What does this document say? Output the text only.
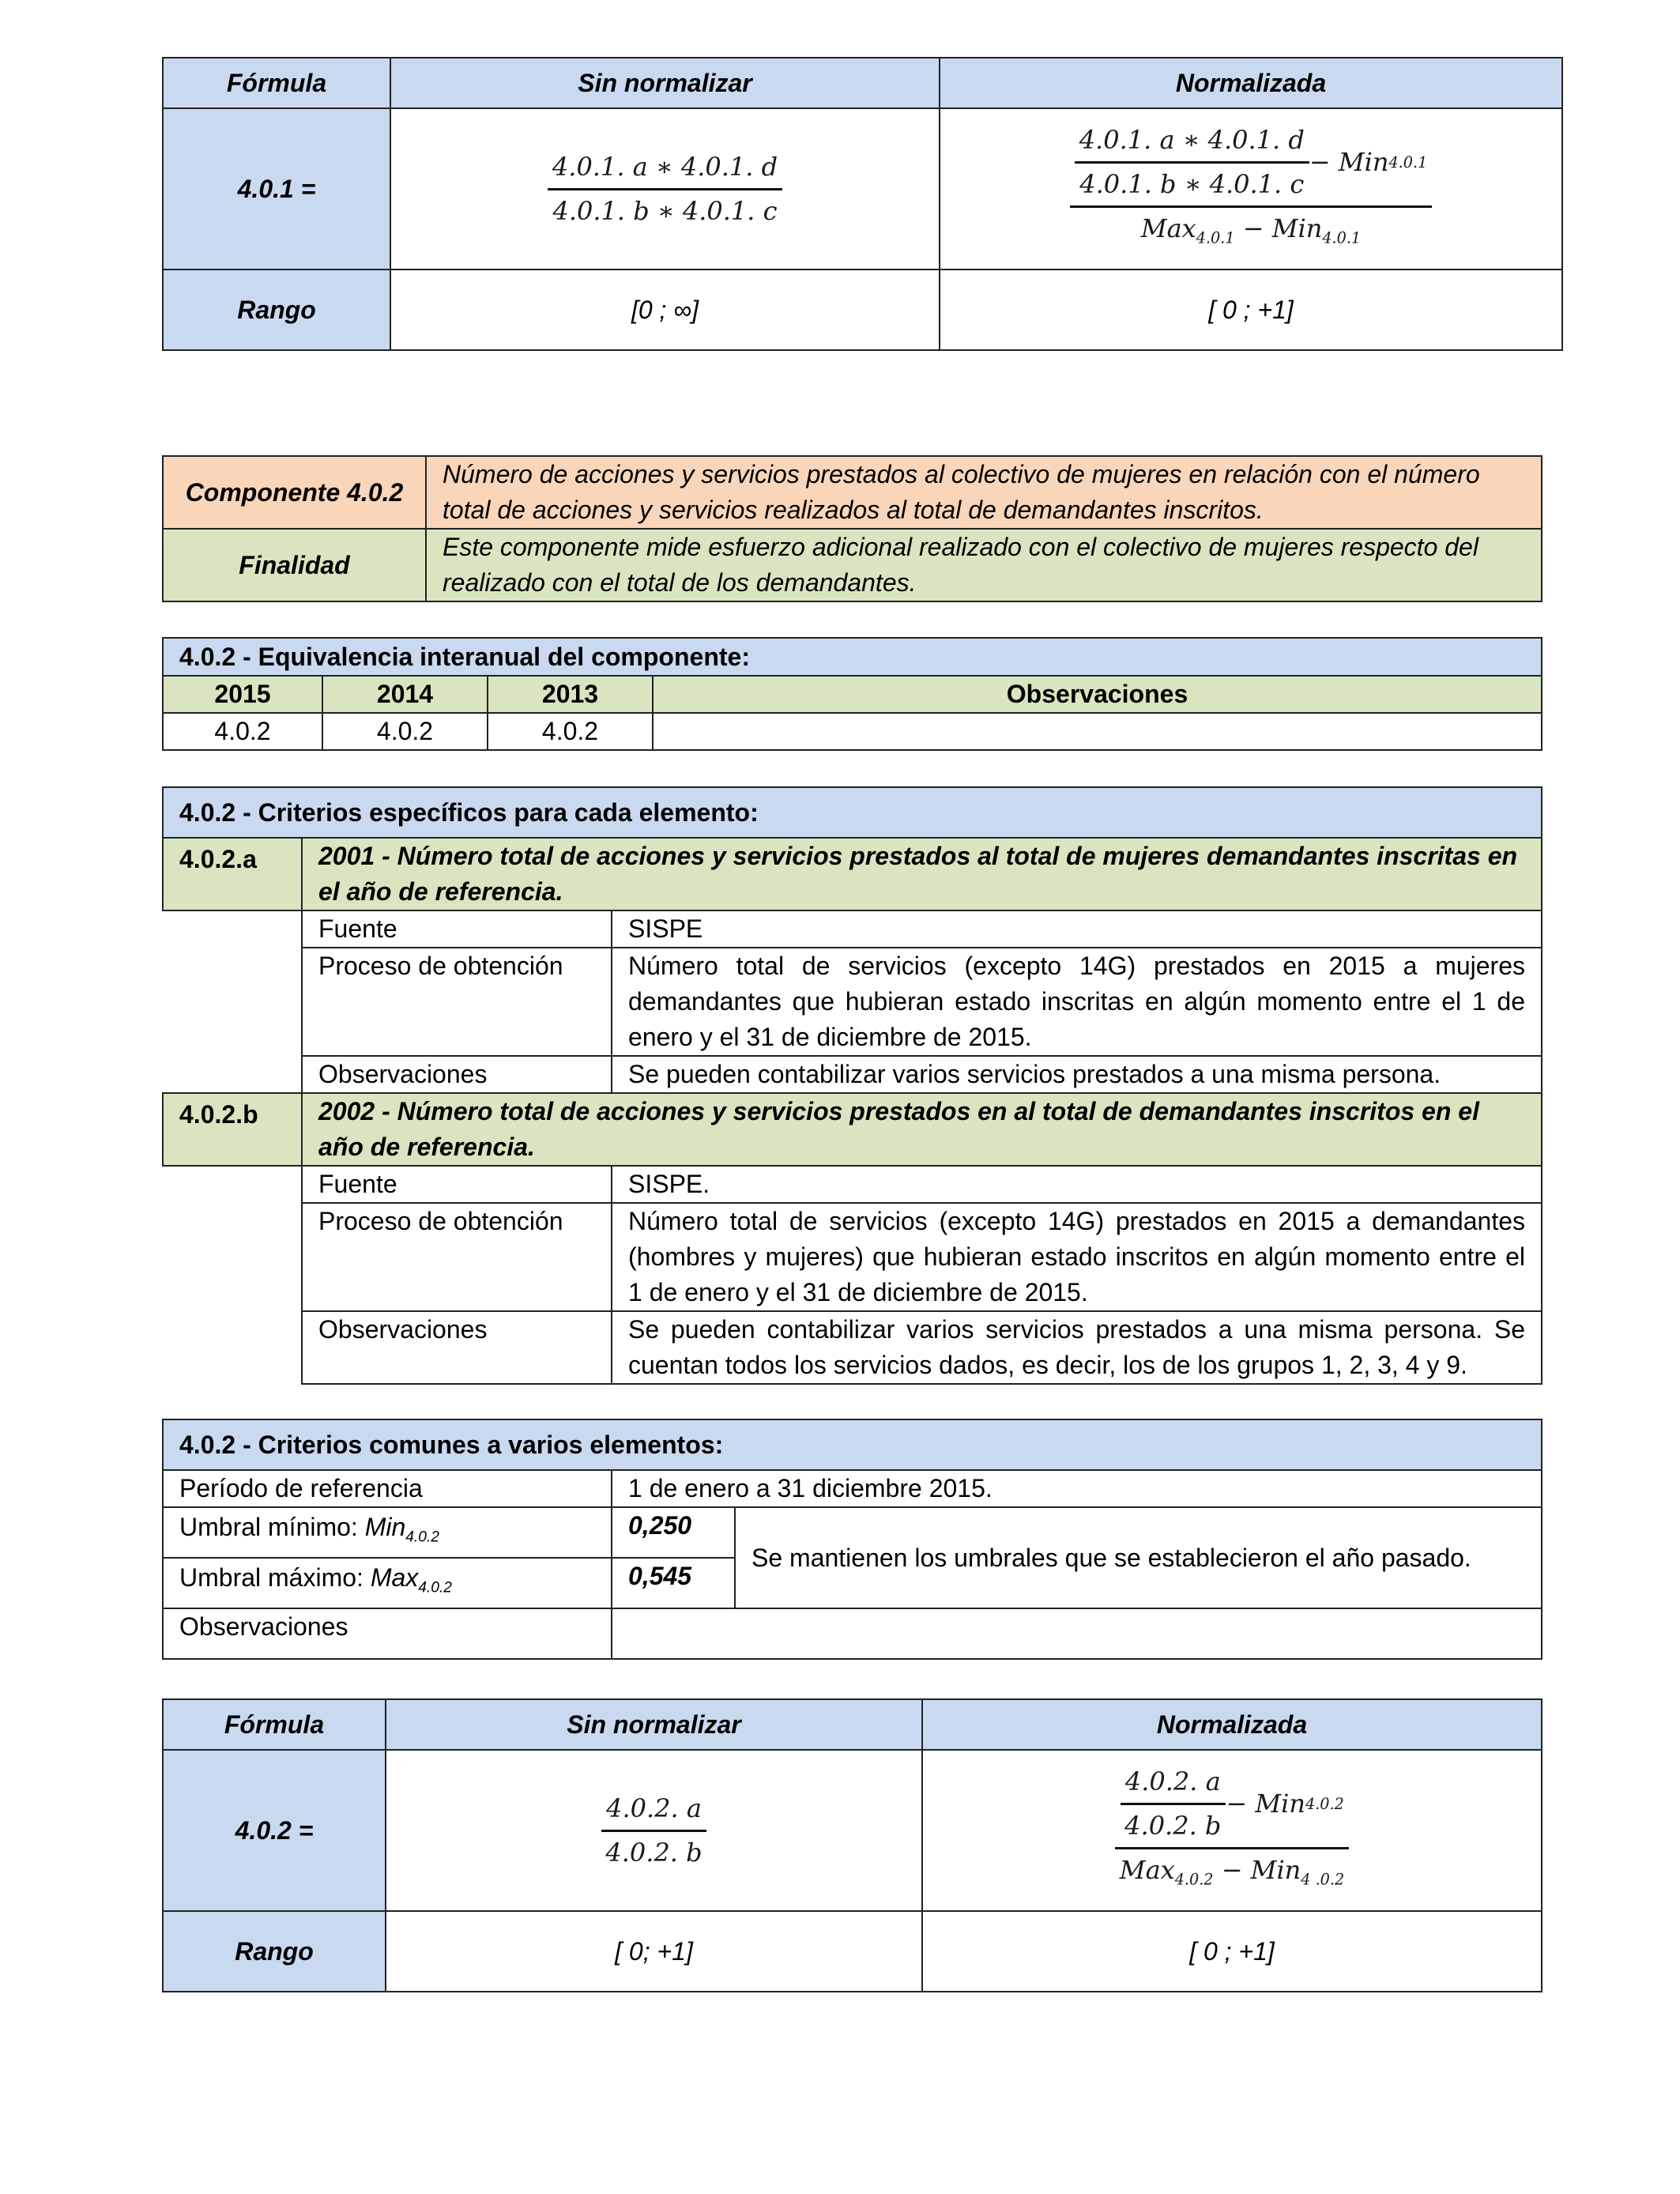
Fórmula	Sin normalizar	Normalizada
4.0.1 =	$\frac{4.0.1. a ∗ 4.0.1. d}{4.0.1. b ∗ 4.0.1. c}$	$\frac{\frac{4.0.1. a ∗ 4.0.1. d}{4.0.1. b ∗ 4.0.1. c} - Min 4.0.1}{Max_{4.0.1} - Min_{4.0.1}}$

Rango	[0 ; ∞]	[ 0 ; +1]
Componente 4.0.2	Número de acciones y servicios prestados al colectivo de mujeres en relación con el número total de acciones y servicios realizados al total de demandantes inscritos.
Finalidad	Este componente mide esfuerzo adicional realizado con el colectivo de mujeres respecto del realizado con el total de los demandantes.
4.0.2 - Equivalencia interanual del componente:			
2015	2014	2013	Observaciones
4.0.2	4.0.2	4.0.2	
4.0.2 - Criterios específicos para cada elemento:		
4.0.2.a	2001 - Número total de acciones y servicios prestados al total de mujeres demandantes inscritas en el año de referencia.	
	Fuente	SISPE
	Proceso de obtención	Número total de servicios (excepto 14G) prestados en 2015 a mujeres demandantes que hubieran estado inscritas en algún momento entre el 1 de enero y el 31 de diciembre de 2015.
	Observaciones	Se pueden contabilizar varios servicios prestados a una misma persona.
4.0.2.b	2002 - Número total de acciones y servicios prestados en al total de demandantes inscritos en el año de referencia.	
	Fuente	SISPE.
	Proceso de obtención	Número total de servicios (excepto 14G) prestados en 2015 a demandantes (hombres y mujeres) que hubieran estado inscritos en algún momento entre el 1 de enero y el 31 de diciembre de 2015.
	Observaciones	Se pueden contabilizar varios servicios prestados a una misma persona. Se cuentan todos los servicios dados, es decir, los de los grupos 1, 2, 3, 4 y 9.
4.0.2 - Criterios comunes a varios elementos:		
Período de referencia	1 de enero a 31 diciembre 2015.	
Umbral mínimo: Min$_{4.0.2}$	0,250	Se mantienen los umbrales que se establecieron el año pasado.
Umbral máximo: Max$_{4.0.2}$	0,545	
Observaciones		
Fórmula	Sin normalizar	Normalizada
4.0.2 =	$\frac{4.0.2. a}{4.0.2. b}$	$\frac{\frac{4.0.2. a}{4.0.2. b} - Min 4.0.2}{Max_{4.0.2} - Min_{4 .0.2}}$

Rango	[ 0; +1]	[ 0 ; +1]
